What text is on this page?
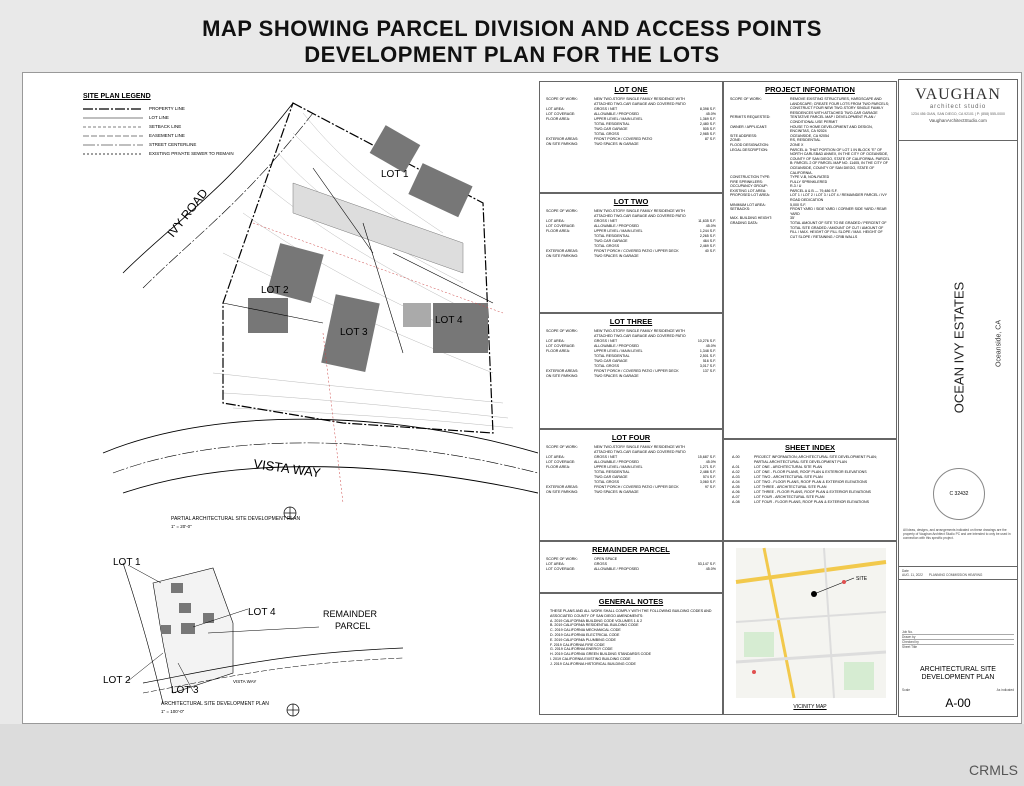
MAP SHOWING PARCEL DIVISION AND ACCESS POINTS
DEVELOPMENT PLAN FOR THE LOTS
SITE PLAN LEGEND
PROPERTY LINE
LOT LINE
SETBACK LINE
EASEMENT LINE
STREET CENTERLINE
EXISTING PRIVATE SEWER TO REMAIN
IVY ROAD
VISTA WAY
LOT 1
LOT 2
LOT 3
LOT 4
PARTIAL ARCHITECTURAL SITE DEVELOPMENT PLAN
1" = 20'-0"
LOT 1
LOT 4	REMAINDER
PARCEL
LOT 2
LOT 3
VISTA WAY
ARCHITECTURAL SITE DEVELOPMENT PLAN
1" = 100'-0"
LOT ONE
SCOPE OF WORK:	NEW TWO-STORY SINGLE FAMILY RESIDENCE WITH ATTACHED TWO-CAR GARAGE AND COVERED PATIO
LOT AREA:	GROSS / NET	8,398 S.F.
LOT COVERAGE:	ALLOWABLE / PROPOSED	45.0%
FLOOR AREA:	UPPER LEVEL / MAIN LEVEL	1,369 S.F.
TOTAL RESIDENTIAL	2,480 S.F.
TWO-CAR GARAGE	505 S.F.
TOTAL GROSS	2,985 S.F.
EXTERIOR AREAS:	FRONT PORCH / COVERED PATIO	87 S.F.
ON SITE PARKING:	TWO SPACES IN GARAGE
LOT TWO
SCOPE OF WORK:	NEW TWO-STORY SINGLE FAMILY RESIDENCE WITH ATTACHED TWO-CAR GARAGE AND COVERED PATIO
LOT AREA:	GROSS / NET	11,635 S.F.
LOT COVERAGE:	ALLOWABLE / PROPOSED	45.0%
FLOOR AREA:	UPPER LEVEL / MAIN LEVEL	1,244 S.F.
TOTAL RESIDENTIAL	2,265 S.F.
TWO-CAR GARAGE	464 S.F.
TOTAL GROSS	2,469 S.F.
EXTERIOR AREAS:	FRONT PORCH / COVERED PATIO / UPPER DECK	40 S.F.
ON SITE PARKING:	TWO SPACES IN GARAGE
LOT THREE
SCOPE OF WORK:	NEW TWO-STORY SINGLE FAMILY RESIDENCE WITH ATTACHED TWO-CAR GARAGE AND COVERED PATIO
LOT AREA:	GROSS / NET	10,276 S.F.
LOT COVERAGE:	ALLOWABLE / PROPOSED	45.0%
FLOOR AREA:	UPPER LEVEL / MAIN LEVEL	1,348 S.F.
TOTAL RESIDENTIAL	2,501 S.F.
TWO-CAR GARAGE	516 S.F.
TOTAL GROSS	3,017 S.F.
EXTERIOR AREAS:	FRONT PORCH / COVERED PATIO / UPPER DECK	137 S.F.
ON SITE PARKING:	TWO SPACES IN GARAGE
LOT FOUR
SCOPE OF WORK:	NEW TWO-STORY SINGLE FAMILY RESIDENCE WITH ATTACHED TWO-CAR GARAGE AND COVERED PATIO
LOT AREA:	GROSS / NET	15,687 S.F.
LOT COVERAGE:	ALLOWABLE / PROPOSED	45.0%
FLOOR AREA:	UPPER LEVEL / MAIN LEVEL	1,271 S.F.
TOTAL RESIDENTIAL	2,486 S.F.
TWO-CAR GARAGE	574 S.F.
TOTAL GROSS	3,060 S.F.
EXTERIOR AREAS:	FRONT PORCH / COVERED PATIO / UPPER DECK	97 S.F.
ON SITE PARKING:	TWO SPACES IN GARAGE
REMAINDER PARCEL
SCOPE OF WORK:	OPEN SPACE
LOT AREA:	GROSS	53,147 S.F.
LOT COVERAGE:	ALLOWABLE / PROPOSED	45.0%
GENERAL NOTES
THESE PLANS AND ALL WORK SHALL COMPLY WITH THE FOLLOWING BUILDING CODES AND ASSOCIATED COUNTY OF SAN DIEGO AMENDMENTS:
A. 2019 CALIFORNIA BUILDING CODE VOLUMES 1 & 2
B. 2019 CALIFORNIA RESIDENTIAL BUILDING CODE
C. 2019 CALIFORNIA MECHANICAL CODE
D. 2019 CALIFORNIA ELECTRICAL CODE
E. 2019 CALIFORNIA PLUMBING CODE
F. 2019 CALIFORNIA FIRE CODE
G. 2019 CALIFORNIA ENERGY CODE
H. 2019 CALIFORNIA GREEN BUILDING STANDARDS CODE
I. 2019 CALIFORNIA EXISTING BUILDING CODE
J. 2019 CALIFORNIA HISTORICAL BUILDING CODE
PROJECT INFORMATION
SCOPE OF WORK:	REMOVE EXISTING STRUCTURES, HARDSCAPE AND LANDSCAPE; CREATE FOUR LOTS FROM TWO PARCELS; CONSTRUCT FOUR NEW TWO-STORY SINGLE FAMILY RESIDENCES WITH ATTACHED TWO-CAR GARAGE
PERMITS REQUESTED:	TENTATIVE PARCEL MAP / DEVELOPMENT PLAN / CONDITIONAL USE PERMIT
OWNER / APPLICANT:	HOUSE TO HOME DEVELOPMENT AND DESIGN, ENCINITAS, CA 92024
SITE ADDRESS:	OCEANSIDE, CA 92054
ZONE:	RS, RESIDENTIAL
FLOOD DESIGNATION:	ZONE X
LEGAL DESCRIPTION:	PARCEL A: THAT PORTION OF LOT 1 IN BLOCK "E" OF NORTH CARLSBAD ANNEX, IN THE CITY OF OCEANSIDE, COUNTY OF SAN DIEGO, STATE OF CALIFORNIA. PARCEL B: PARCEL 2 OF PARCEL MAP NO. 11405, IN THE CITY OF OCEANSIDE, COUNTY OF SAN DIEGO, STATE OF CALIFORNIA.
CONSTRUCTION TYPE:	TYPE V-B, NON-RATED
FIRE SPRINKLERS:	FULLY SPRINKLERED
OCCUPANCY GROUP:	R-3 / U
EXISTING LOT AREA:	PARCEL A & B — 79,486 S.F.
PROPOSED LOT AREA:	LOT 1 / LOT 2 / LOT 3 / LOT 4 / REMAINDER PARCEL / IVY ROAD DEDICATION
MINIMUM LOT AREA:	5,000 S.F.
SETBACKS:	FRONT YARD / SIDE YARD / CORNER SIDE YARD / REAR YARD
MAX. BUILDING HEIGHT:	35'
GRADING DATA:	TOTAL AMOUNT OF SITE TO BE GRADED / PERCENT OF TOTAL SITE GRADED / AMOUNT OF CUT / AMOUNT OF FILL / MAX. HEIGHT OF FILL SLOPE / MAX. HEIGHT OF CUT SLOPE / RETAINING / CRIB WALLS
SHEET INDEX
A-00	PROJECT INFORMATION; ARCHITECTURAL SITE DEVELOPMENT PLAN; PARTIAL ARCHITECTURAL SITE DEVELOPMENT PLAN
A-01	LOT ONE - ARCHITECTURAL SITE PLAN
A-02	LOT ONE - FLOOR PLANS, ROOF PLAN & EXTERIOR ELEVATIONS
A-03	LOT TWO - ARCHITECTURAL SITE PLAN
A-04	LOT TWO - FLOOR PLANS, ROOF PLAN & EXTERIOR ELEVATIONS
A-05	LOT THREE - ARCHITECTURAL SITE PLAN
A-06	LOT THREE - FLOOR PLANS, ROOF PLAN & EXTERIOR ELEVATIONS
A-07	LOT FOUR - ARCHITECTURAL SITE PLAN
A-08	LOT FOUR - FLOOR PLANS, ROOF PLAN & EXTERIOR ELEVATIONS
SITE
VICINITY MAP
VAUGHAN
architect studio
1234 456 GIAN, SAN DIEGO, CA 92101 | P: (858) 555-0000
VaughanArchitectStudio.com
OCEAN IVY ESTATES	Oceanside, CA
C 32432
All ideas, designs, and arrangements indicated on these drawings are the property of Vaughan Architect Studio PC and are intended to only be used in connection with this specific project.
Date
AUG. 11, 2022 PLANNING COMMISSION HEARING
Job No.
Drawn by
Checked by
Sheet Title
ARCHITECTURAL SITE DEVELOPMENT PLAN
Scale	As indicated
A-00
CRMLS
